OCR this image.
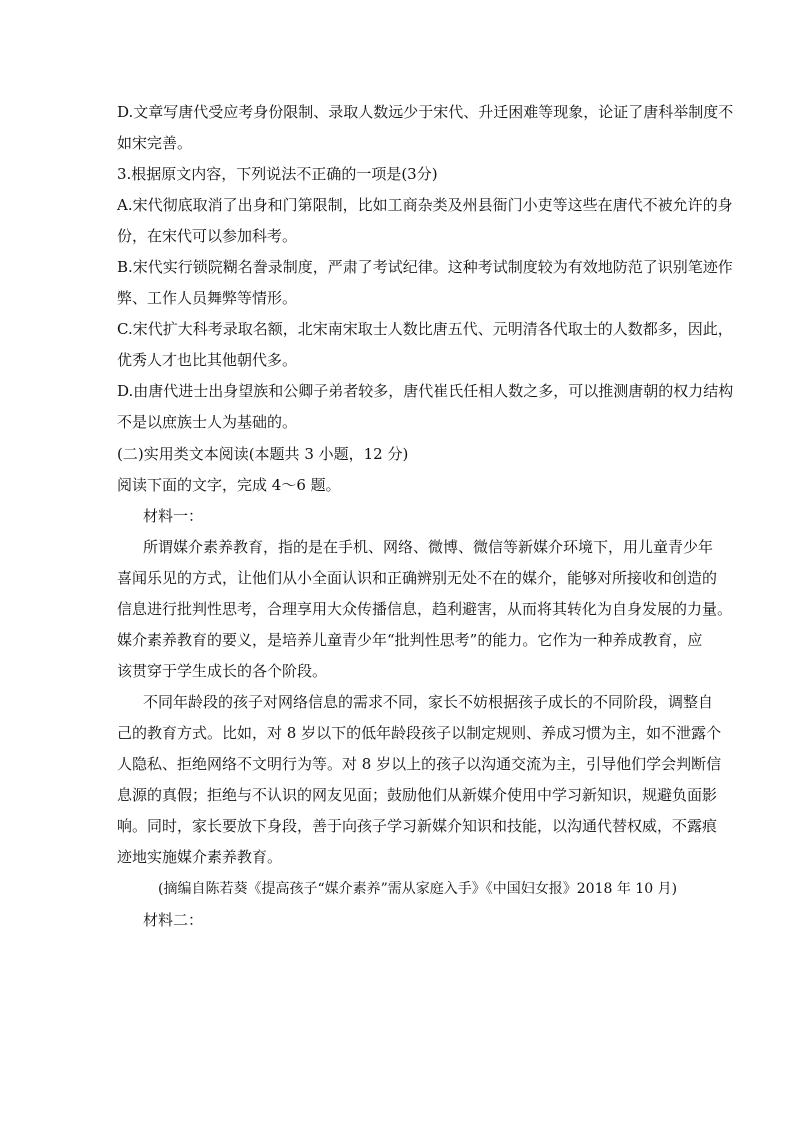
D.文章写唐代受应考身份限制、录取人数远少于宋代、升迁困难等现象，论证了唐科举制度不
如宋完善。
3.根据原文内容，下列说法不正确的一项是(3分)
A.宋代彻底取消了出身和门第限制，比如工商杂类及州县衙门小吏等这些在唐代不被允许的身
份，在宋代可以参加科考。
B.宋代实行锁院糊名誊录制度，严肃了考试纪律。这种考试制度较为有效地防范了识别笔迹作
弊、工作人员舞弊等情形。
C.宋代扩大科考录取名额，北宋南宋取士人数比唐五代、元明清各代取士的人数都多，因此，
优秀人才也比其他朝代多。
D.由唐代进士出身望族和公卿子弟者较多，唐代崔氏任相人数之多，可以推测唐朝的权力结构
不是以庶族士人为基础的。
(二)实用类文本阅读(本题共 3 小题，12 分)
阅读下面的文字，完成 4～6 题。
材料一：
所谓媒介素养教育，指的是在手机、网络、微博、微信等新媒介环境下，用儿童青少年
喜闻乐见的方式，让他们从小全面认识和正确辨别无处不在的媒介，能够对所接收和创造的
信息进行批判性思考，合理享用大众传播信息，趋利避害，从而将其转化为自身发展的力量。
媒介素养教育的要义，是培养儿童青少年“批判性思考”的能力。它作为一种养成教育，应
该贯穿于学生成长的各个阶段。
不同年龄段的孩子对网络信息的需求不同，家长不妨根据孩子成长的不同阶段，调整自
己的教育方式。比如，对 8 岁以下的低年龄段孩子以制定规则、养成习惯为主，如不泄露个
人隐私、拒绝网络不文明行为等。对 8 岁以上的孩子以沟通交流为主，引导他们学会判断信
息源的真假；拒绝与不认识的网友见面；鼓励他们从新媒介使用中学习新知识，规避负面影
响。同时，家长要放下身段，善于向孩子学习新媒介知识和技能，以沟通代替权威，不露痕
迹地实施媒介素养教育。
(摘编自陈若葵《提高孩子“媒介素养”需从家庭入手》《中国妇女报》2018 年 10 月)
材料二：
